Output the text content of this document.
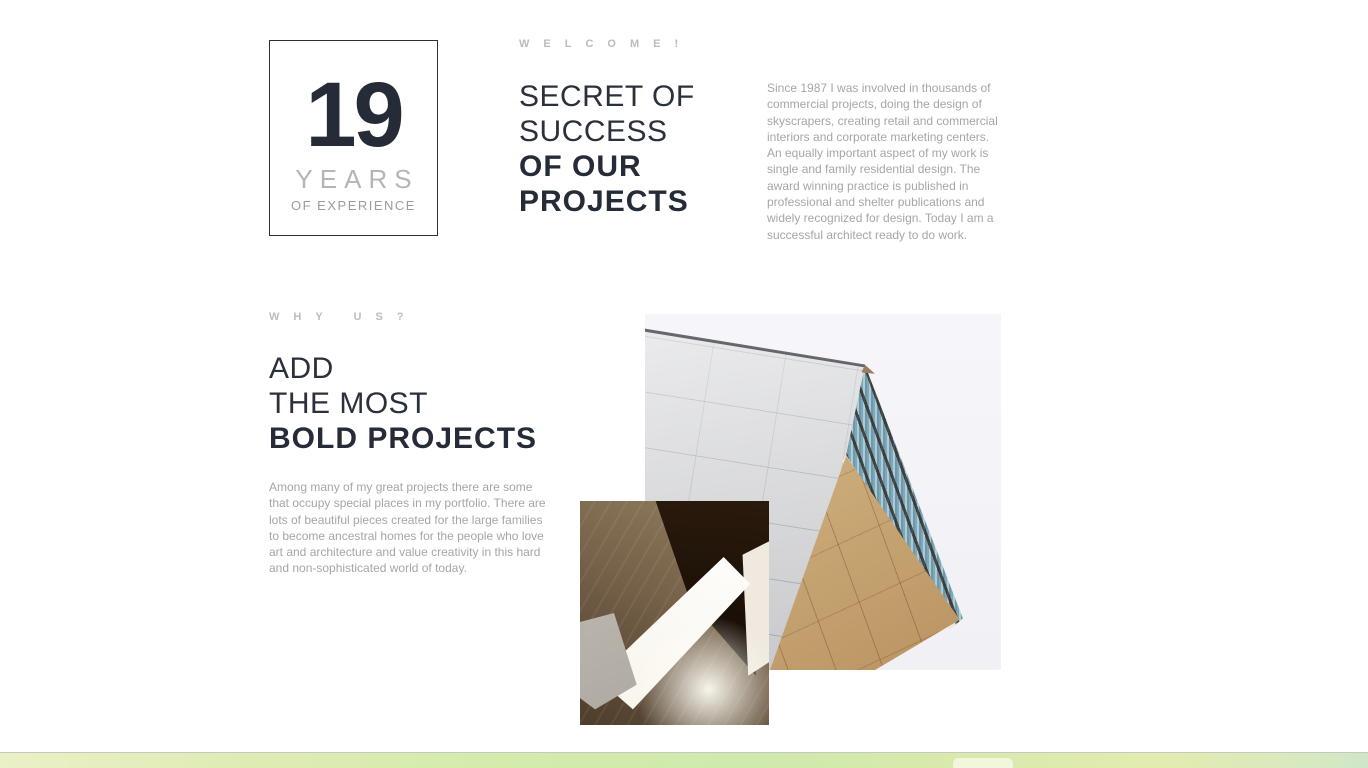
19
YEARS
OF EXPERIENCE
WELCOME!
SECRET OF
SUCCESS
OF OUR
PROJECTS
Since 1987 I was involved in thousands of commercial projects, doing the design of skyscrapers, creating retail and commercial interiors and corporate marketing centers. An equally important aspect of my work is single and family residential design. The award winning practice is published in professional and shelter publications and widely recognized for design. Today I am a successful architect ready to do work.
WHY US?
ADD
THE MOST
BOLD PROJECTS
Among many of my great projects there are some that occupy special places in my portfolio. There are lots of beautiful pieces created for the large families to become ancestral homes for the people who love art and architecture and value creativity in this hard and non-sophisticated world of today.
